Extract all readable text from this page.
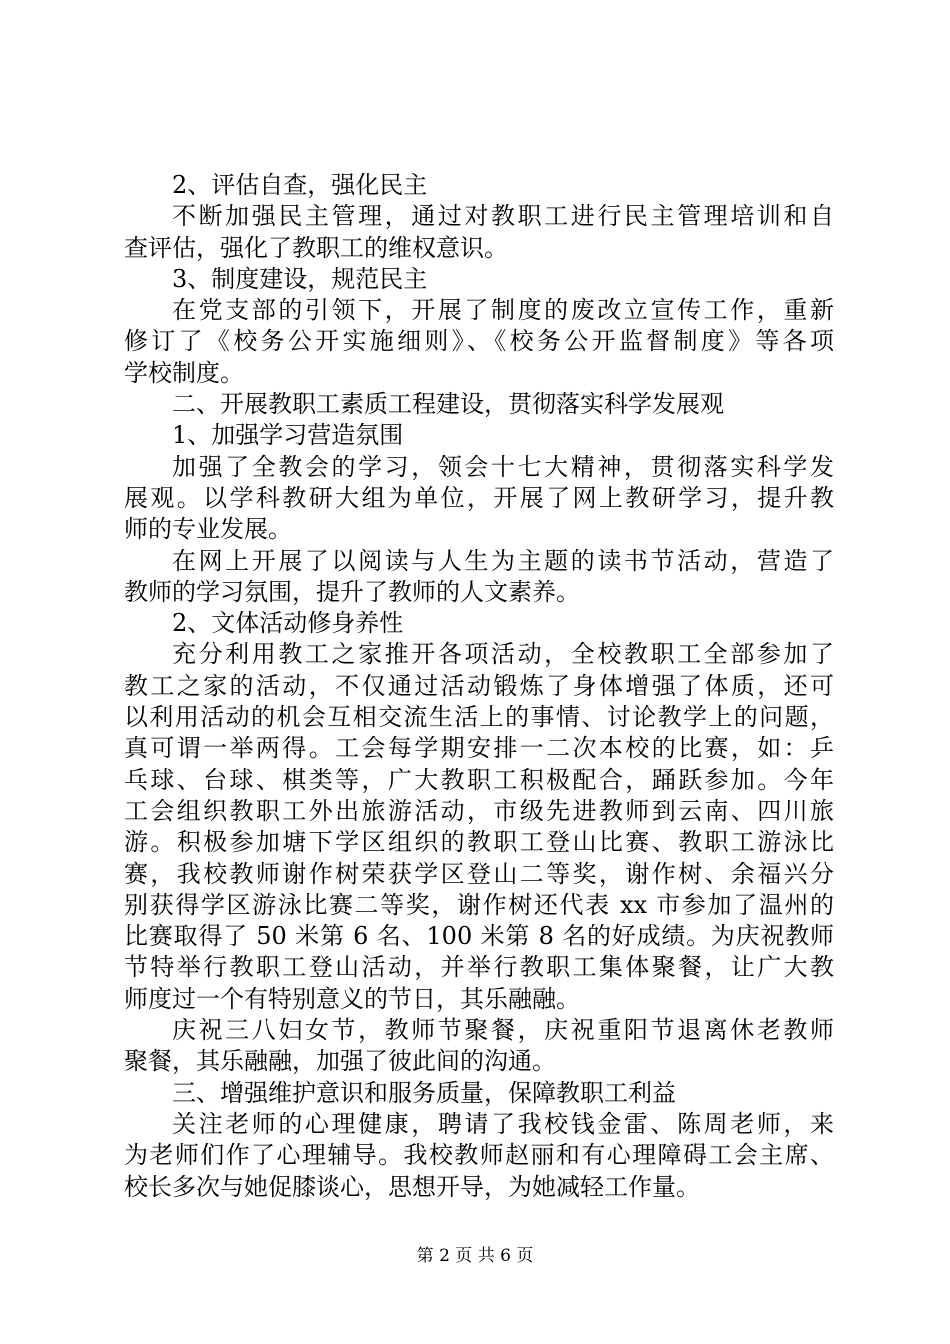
2、评估自查，强化民主
不断加强民主管理，通过对教职工进行民主管理培训和自
查评估，强化了教职工的维权意识。
3、制度建设，规范民主
在党支部的引领下，开展了制度的废改立宣传工作，重新
修订了《校务公开实施细则》、《校务公开监督制度》等各项
学校制度。
二、开展教职工素质工程建设，贯彻落实科学发展观
1、加强学习营造氛围
加强了全教会的学习，领会十七大精神，贯彻落实科学发
展观。以学科教研大组为单位，开展了网上教研学习，提升教
师的专业发展。
在网上开展了以阅读与人生为主题的读书节活动，营造了
教师的学习氛围，提升了教师的人文素养。
2、文体活动修身养性
充分利用教工之家推开各项活动，全校教职工全部参加了
教工之家的活动，不仅通过活动锻炼了身体增强了体质，还可
以利用活动的机会互相交流生活上的事情、讨论教学上的问题，
真可谓一举两得。工会每学期安排一二次本校的比赛，如：乒
乓球、台球、棋类等，广大教职工积极配合，踊跃参加。今年
工会组织教职工外出旅游活动，市级先进教师到云南、四川旅
游。积极参加塘下学区组织的教职工登山比赛、教职工游泳比
赛，我校教师谢作树荣获学区登山二等奖，谢作树、余福兴分
别获得学区游泳比赛二等奖，谢作树还代表 xx 市参加了温州的
比赛取得了 50 米第 6 名、100 米第 8 名的好成绩。为庆祝教师
节特举行教职工登山活动，并举行教职工集体聚餐，让广大教
师度过一个有特别意义的节日，其乐融融。
庆祝三八妇女节，教师节聚餐，庆祝重阳节退离休老教师
聚餐，其乐融融，加强了彼此间的沟通。
三、增强维护意识和服务质量，保障教职工利益
关注老师的心理健康，聘请了我校钱金雷、陈周老师，来
为老师们作了心理辅导。我校教师赵丽和有心理障碍工会主席、
校长多次与她促膝谈心，思想开导，为她减轻工作量。
第 2 页 共 6 页
